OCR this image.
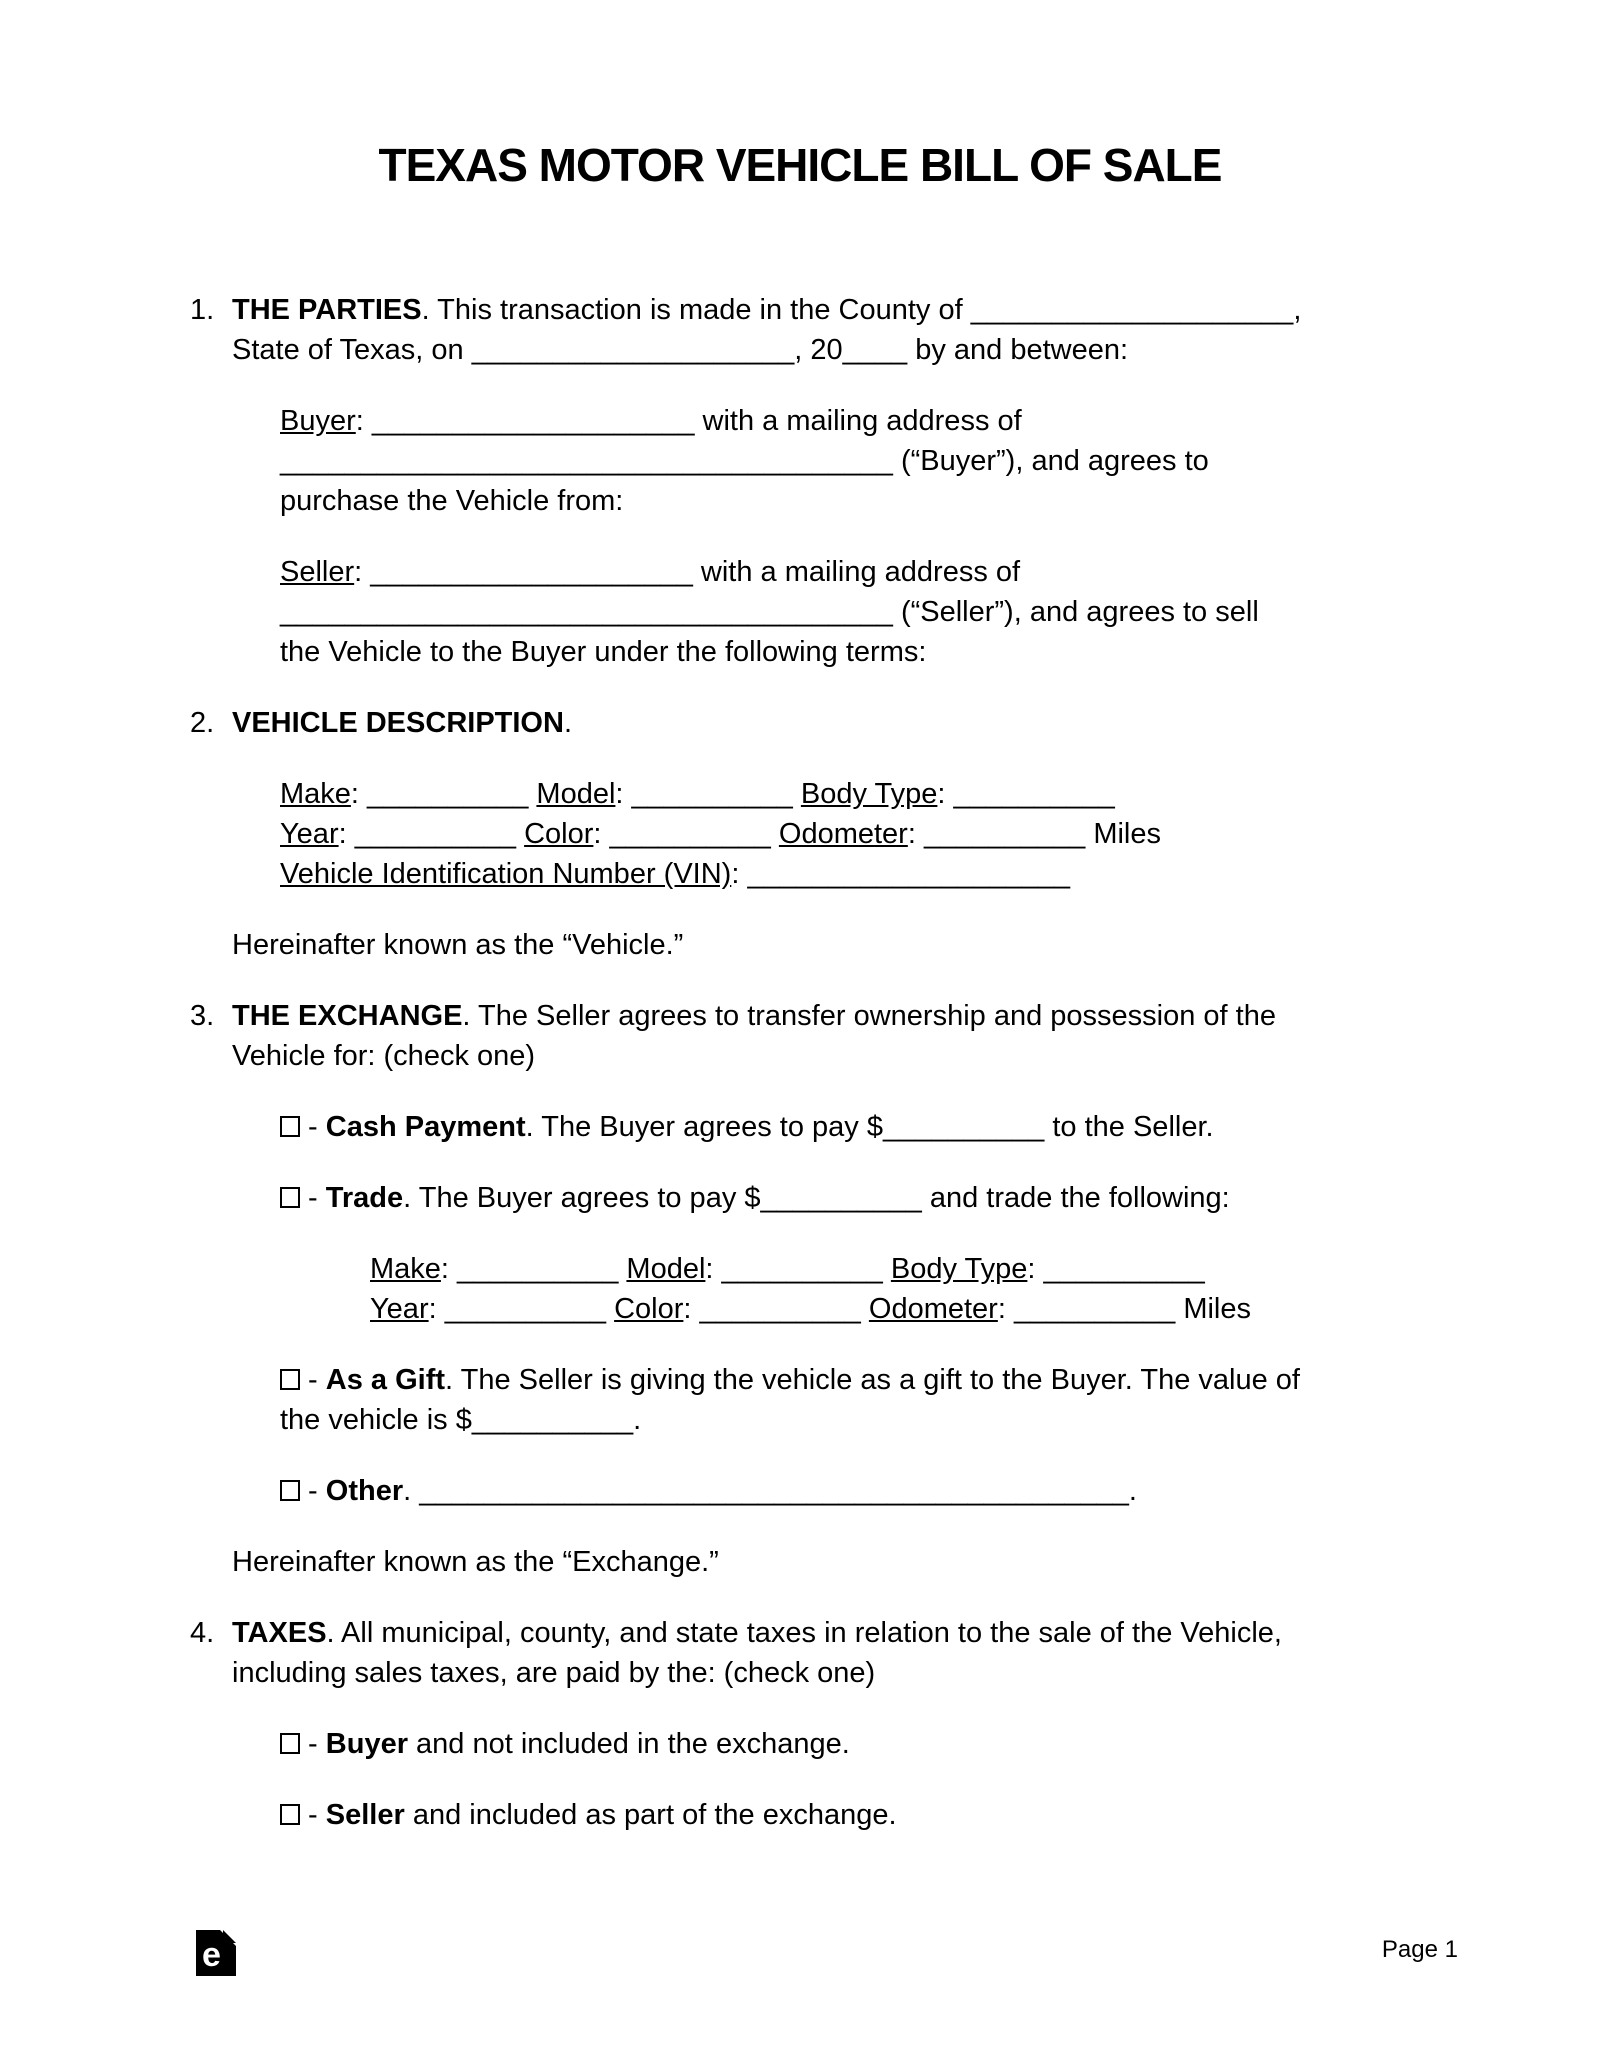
TEXAS MOTOR VEHICLE BILL OF SALE
1. THE PARTIES. This transaction is made in the County of ____________________,
State of Texas, on ____________________, 20____ by and between:
Buyer: ____________________ with a mailing address of
______________________________________ (“Buyer”), and agrees to
purchase the Vehicle from:
Seller: ____________________ with a mailing address of
______________________________________ (“Seller”), and agrees to sell
the Vehicle to the Buyer under the following terms:
2. VEHICLE DESCRIPTION.
Make: __________ Model: __________ Body Type: __________
Year: __________ Color: __________ Odometer: __________ Miles
Vehicle Identification Number (VIN): ____________________
Hereinafter known as the “Vehicle.”
3. THE EXCHANGE. The Seller agrees to transfer ownership and possession of the
Vehicle for: (check one)
- Cash Payment. The Buyer agrees to pay $__________ to the Seller.
- Trade. The Buyer agrees to pay $__________ and trade the following:
Make: __________ Model: __________ Body Type: __________
Year: __________ Color: __________ Odometer: __________ Miles
- As a Gift. The Seller is giving the vehicle as a gift to the Buyer. The value of
the vehicle is $__________.
- Other. ____________________________________________.
Hereinafter known as the “Exchange.”
4. TAXES. All municipal, county, and state taxes in relation to the sale of the Vehicle,
including sales taxes, are paid by the: (check one)
- Buyer and not included in the exchange.
- Seller and included as part of the exchange.
e	Page 1
